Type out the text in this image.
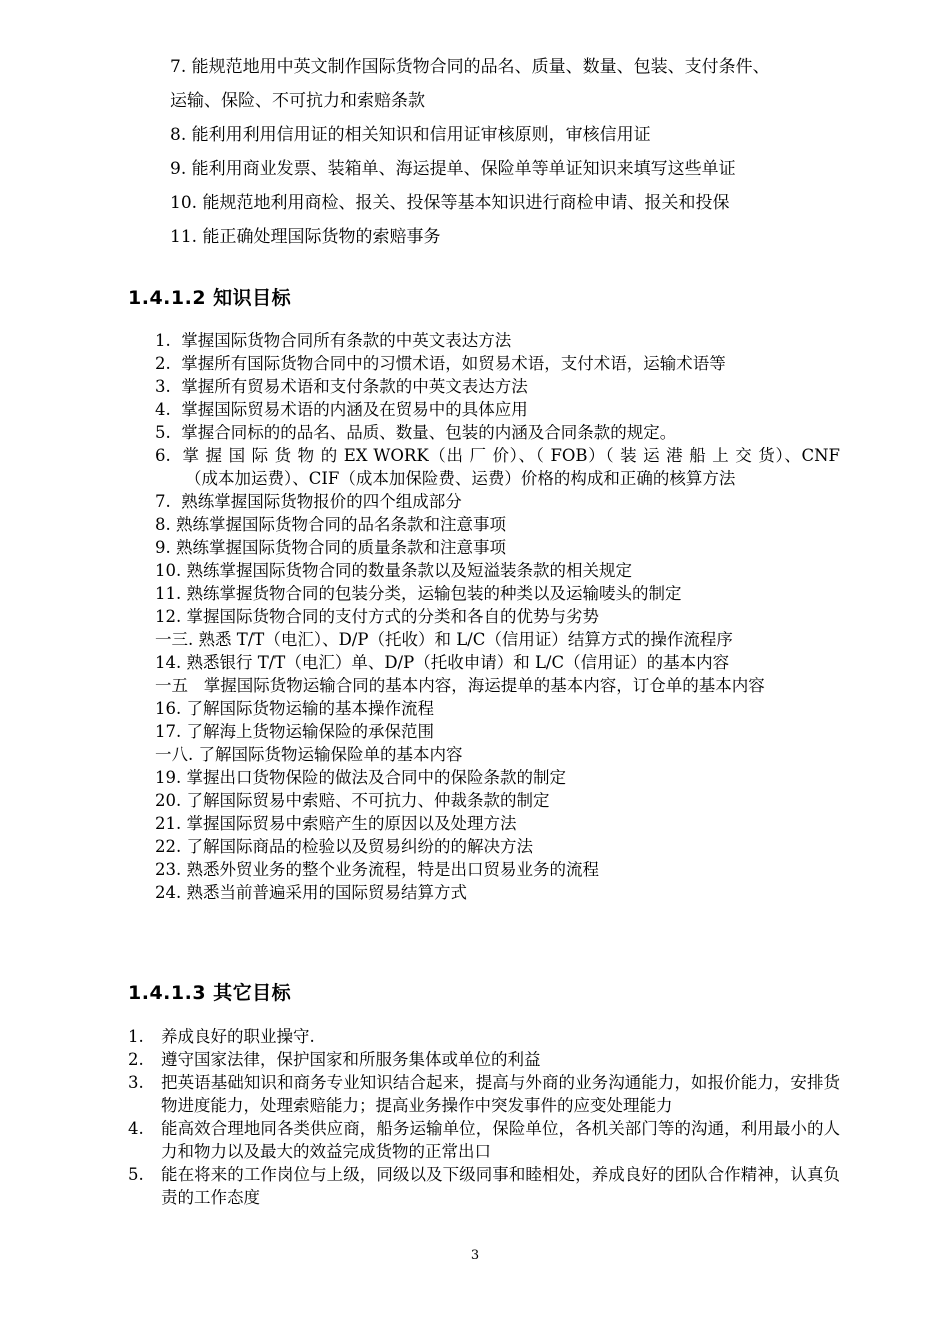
7. 能规范地用中英文制作国际货物合同的品名、质量、数量、包装、支付条件、
运输、保险、不可抗力和索赔条款
8. 能利用利用信用证的相关知识和信用证审核原则，审核信用证
9. 能利用商业发票、装箱单、海运提单、保险单等单证知识来填写这些单证
10. 能规范地利用商检、报关、投保等基本知识进行商检申请、报关和投保
11. 能正确处理国际货物的索赔事务
1.4.1.2 知识目标
1. 掌握国际货物合同所有条款的中英文表达方法
2. 掌握所有国际货物合同中的习惯术语，如贸易术语，支付术语，运输术语等
3. 掌握所有贸易术语和支付条款的中英文表达方法
4. 掌握国际贸易术语的内涵及在贸易中的具体应用
5. 掌握合同标的的品名、品质、数量、包装的内涵及合同条款的规定。
6. 掌 握 国 际 货 物 的 EX WORK（出 厂 价）、（ FOB）（ 装 运 港 船 上 交 货）、CNF（成本加运费）、CIF（成本加保险费、运费）价格的构成和正确的核算方法
7. 熟练掌握国际货物报价的四个组成部分
8. 熟练掌握国际货物合同的品名条款和注意事项
9. 熟练掌握国际货物合同的质量条款和注意事项
10. 熟练掌握国际货物合同的数量条款以及短溢装条款的相关规定
11. 熟练掌握货物合同的包装分类，运输包装的种类以及运输唛头的制定
12. 掌握国际货物合同的支付方式的分类和各自的优势与劣势
一三. 熟悉 T/T（电汇）、D/P（托收）和 L/C（信用证）结算方式的操作流程序
14. 熟悉银行 T/T（电汇）单、D/P（托收申请）和 L/C（信用证）的基本内容
一五 掌握国际货物运输合同的基本内容，海运提单的基本内容，订仓单的基本内容
16. 了解国际货物运输的基本操作流程
17. 了解海上货物运输保险的承保范围
一八. 了解国际货物运输保险单的基本内容
19. 掌握出口货物保险的做法及合同中的保险条款的制定
20. 了解国际贸易中索赔、不可抗力、仲裁条款的制定
21. 掌握国际贸易中索赔产生的原因以及处理方法
22. 了解国际商品的检验以及贸易纠纷的的解决方法
23. 熟悉外贸业务的整个业务流程，特是出口贸易业务的流程
24. 熟悉当前普遍采用的国际贸易结算方式
1.4.1.3 其它目标
1.	养成良好的职业操守.
2.	遵守国家法律，保护国家和所服务集体或单位的利益
3.	把英语基础知识和商务专业知识结合起来，提高与外商的业务沟通能力，如报价能力，安排货物进度能力，处理索赔能力；提高业务操作中突发事件的应变处理能力
4.	能高效合理地同各类供应商，船务运输单位，保险单位，各机关部门等的沟通，利用最小的人力和物力以及最大的效益完成货物的正常出口
5.	能在将来的工作岗位与上级，同级以及下级同事和睦相处，养成良好的团队合作精神，认真负责的工作态度
3
